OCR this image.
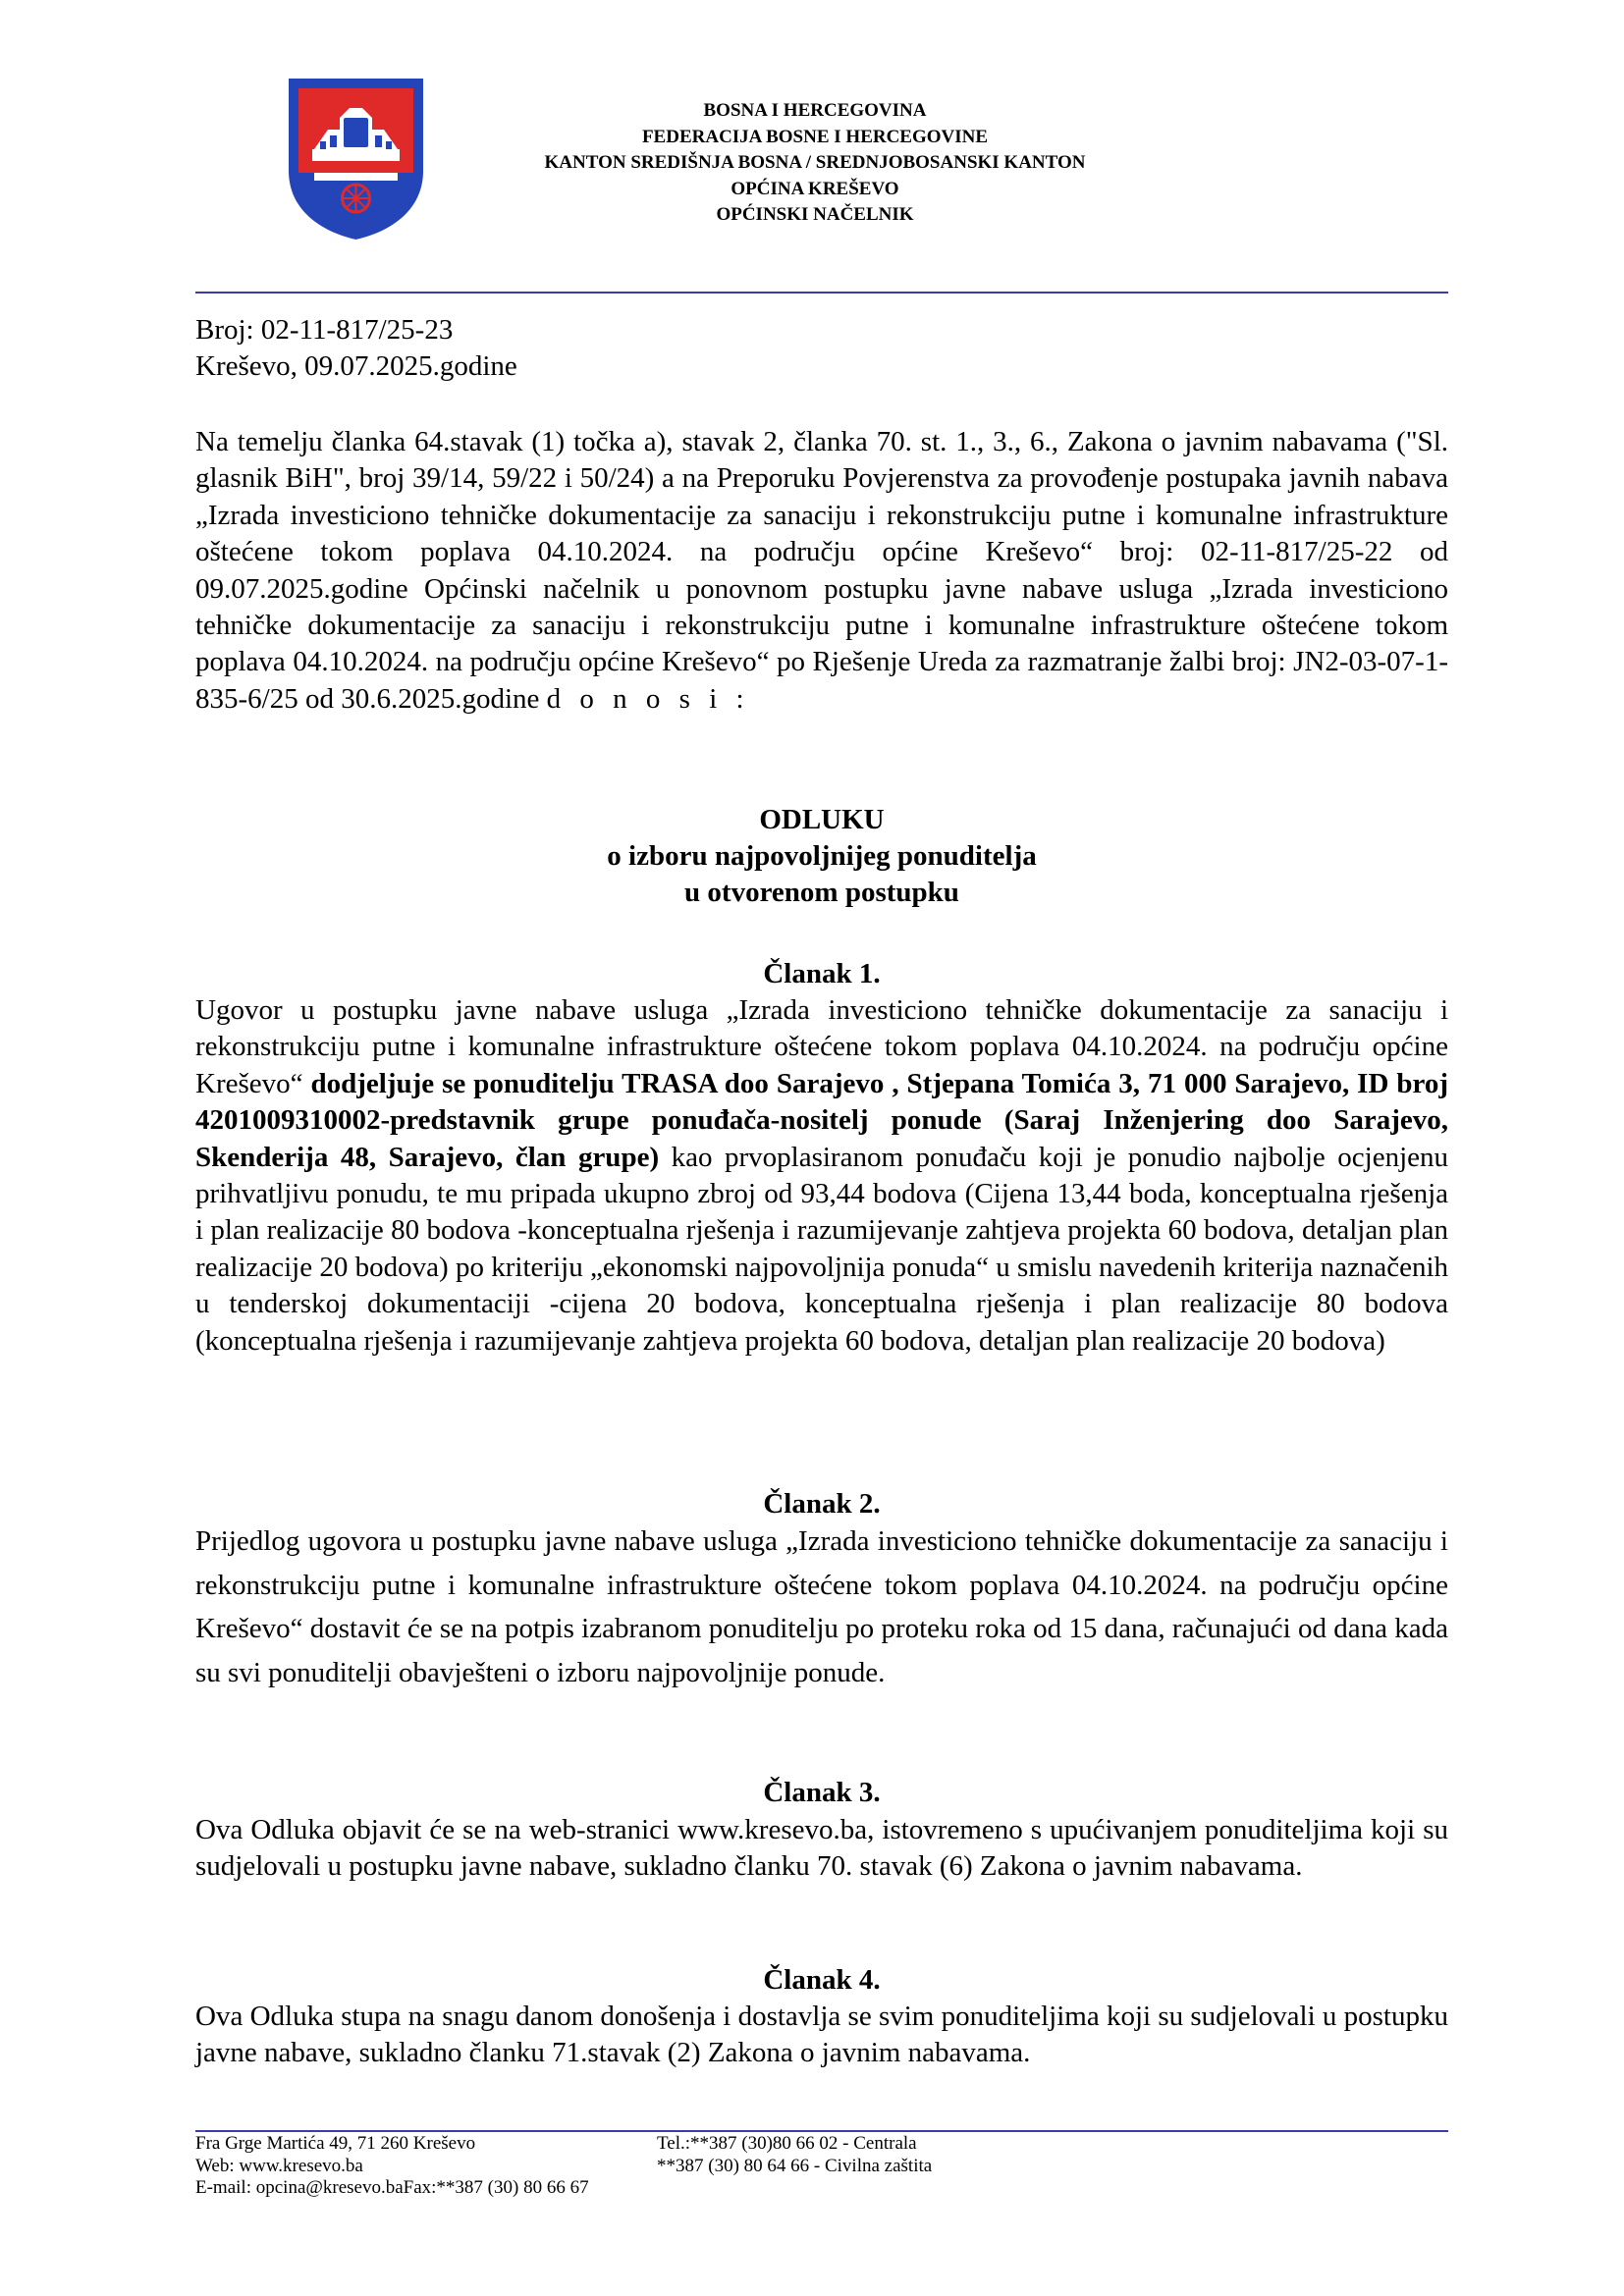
BOSNA I HERCEGOVINA
FEDERACIJA BOSNE I HERCEGOVINE
KANTON SREDIŠNJA BOSNA / SREDNJOBOSANSKI KANTON
OPĆINA KREŠEVO
OPĆINSKI NAČELNIK
Broj: 02-11-817/25-23
Kreševo, 09.07.2025.godine
Na temelju članka 64.stavak (1) točka a), stavak 2, članka 70. st. 1., 3., 6., Zakona o javnim nabavama ("Sl. glasnik BiH", broj 39/14, 59/22 i 50/24) a na Preporuku Povjerenstva za provođenje postupaka javnih nabava „Izrada investiciono tehničke dokumentacije za sanaciju i rekonstrukciju putne i komunalne infrastrukture oštećene tokom poplava 04.10.2024. na području općine Kreševo“ broj: 02-11-817/25-22 od 09.07.2025.godine Općinski načelnik u ponovnom postupku javne nabave usluga „Izrada investiciono tehničke dokumentacije za sanaciju i rekonstrukciju putne i komunalne infrastrukture oštećene tokom poplava 04.10.2024. na području općine Kreševo“ po Rješenje Ureda za razmatranje žalbi broj: JN2-03-07-1-835-6/25 od 30.6.2025.godine d o n o s i :
ODLUKU
o izboru najpovoljnijeg ponuditelja
u otvorenom postupku
Članak 1.
Ugovor u postupku javne nabave usluga „Izrada investiciono tehničke dokumentacije za sanaciju i rekonstrukciju putne i komunalne infrastrukture oštećene tokom poplava 04.10.2024. na području općine Kreševo“ dodjeljuje se ponuditelju TRASA doo Sarajevo , Stjepana Tomića 3, 71 000 Sarajevo, ID broj 4201009310002-predstavnik grupe ponuđača-nositelj ponude (Saraj Inženjering doo Sarajevo, Skenderija 48, Sarajevo, član grupe) kao prvoplasiranom ponuđaču koji je ponudio najbolje ocjenjenu prihvatljivu ponudu, te mu pripada ukupno zbroj od 93,44 bodova (Cijena 13,44 boda, konceptualna rješenja i plan realizacije 80 bodova -konceptualna rješenja i razumijevanje zahtjeva projekta 60 bodova, detaljan plan realizacije 20 bodova) po kriteriju „ekonomski najpovoljnija ponuda“ u smislu navedenih kriterija naznačenih u tenderskoj dokumentaciji -cijena 20 bodova, konceptualna rješenja i plan realizacije 80 bodova (konceptualna rješenja i razumijevanje zahtjeva projekta 60 bodova, detaljan plan realizacije 20 bodova)
Članak 2.
Prijedlog ugovora u postupku javne nabave usluga „Izrada investiciono tehničke dokumentacije za sanaciju i rekonstrukciju putne i komunalne infrastrukture oštećene tokom poplava 04.10.2024. na području općine Kreševo“ dostavit će se na potpis izabranom ponuditelju po proteku roka od 15 dana, računajući od dana kada su svi ponuditelji obavješteni o izboru najpovoljnije ponude.
Članak 3.
Ova Odluka objavit će se na web-stranici www.kresevo.ba, istovremeno s upućivanjem ponuditeljima koji su sudjelovali u postupku javne nabave, sukladno članku 70. stavak (6) Zakona o javnim nabavama.
Članak 4.
Ova Odluka stupa na snagu danom donošenja i dostavlja se svim ponuditeljima koji su sudjelovali u postupku javne nabave, sukladno članku 71.stavak (2) Zakona o javnim nabavama.
Fra Grge Martića 49, 71 260 Kreševo
Web: www.kresevo.ba
E-mail: opcina@kresevo.baFax:**387 (30) 80 66 67
Tel.:**387 (30)80 66 02 - Centrala
**387 (30) 80 64 66 - Civilna zaštita
